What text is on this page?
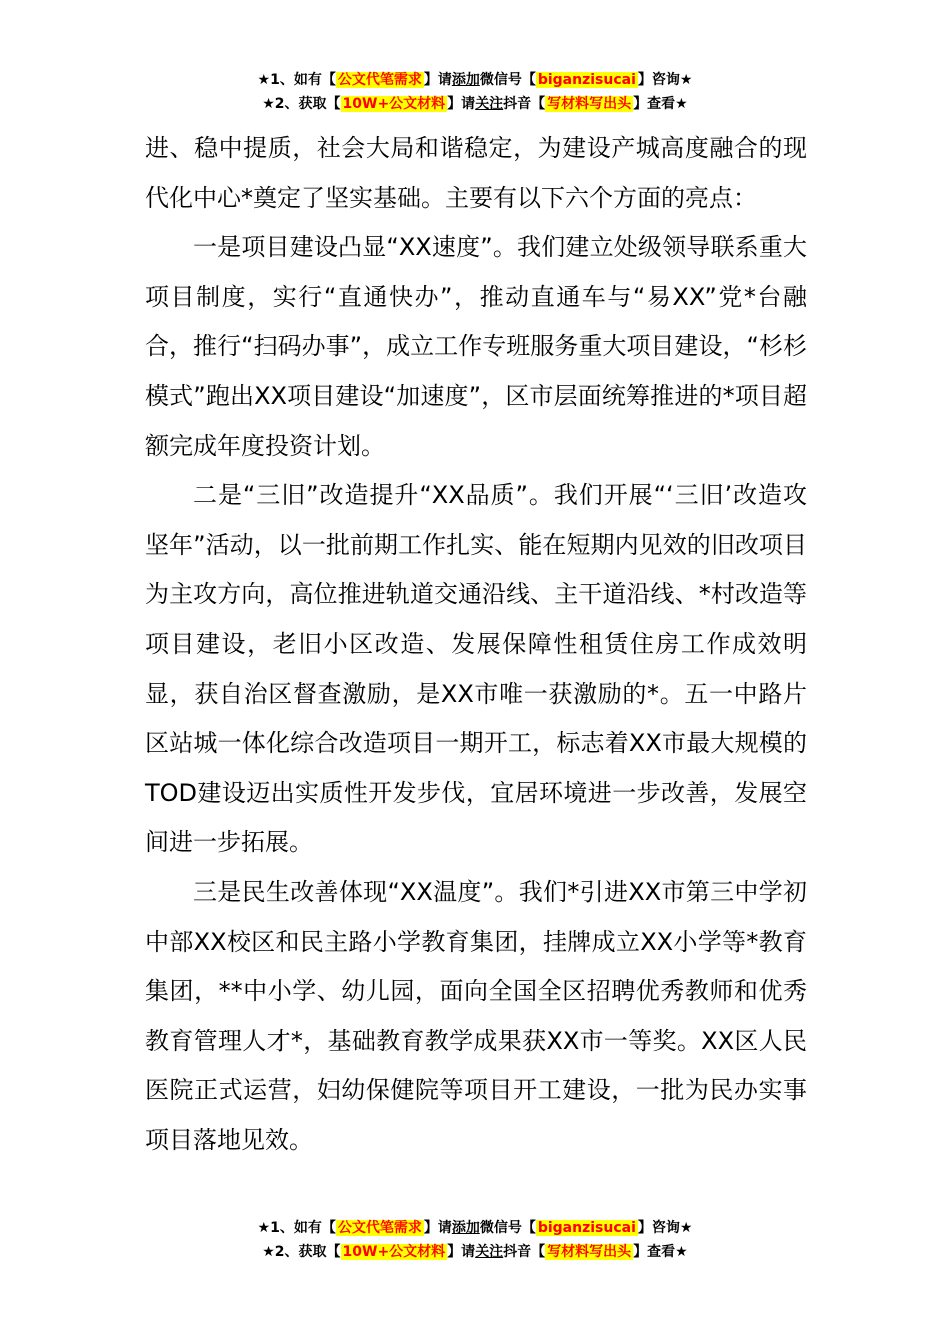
★1、如有【 公文代笔需求 】请添加微信号【 biganzisucai 】咨询★
★2、获取【 10W+公文材料 】请关注抖音【 写材料写出头 】查看★

进、稳中提质，社会大局和谐稳定，为建设产城高度融合的现代化中心*奠定了坚实基础。主要有以下六个方面的亮点：

一是项目建设凸显“XX速度”。我们建立处级领导联系重大项目制度，实行“直通快办”，推动直通车与“易XX”党*台融合，推行“扫码办事”，成立工作专班服务重大项目建设，“杉杉模式”跑出XX项目建设“加速度”，区市层面统筹推进的*项目超额完成年度投资计划。

二是“三旧”改造提升“XX品质”。我们开展“‘三旧’改造攻坚年”活动，以一批前期工作扎实、能在短期内见效的旧改项目为主攻方向，高位推进轨道交通沿线、主干道沿线、*村改造等项目建设，老旧小区改造、发展保障性租赁住房工作成效明显，获自治区督查激励，是XX市唯一获激励的*。五一中路片区站城一体化综合改造项目一期开工，标志着XX市最大规模的TOD建设迈出实质性开发步伐，宜居环境进一步改善，发展空间进一步拓展。

三是民生改善体现“XX温度”。我们*引进XX市第三中学初中部XX校区和民主路小学教育集团，挂牌成立XX小学等*教育集团，**中小学、幼儿园，面向全国全区招聘优秀教师和优秀教育管理人才*，基础教育教学成果获XX市一等奖。XX区人民医院正式运营，妇幼保健院等项目开工建设，一批为民办实事项目落地见效。

★1、如有【 公文代笔需求 】请添加微信号【 biganzisucai 】咨询★
★2、获取【 10W+公文材料 】请关注抖音【 写材料写出头 】查看★
